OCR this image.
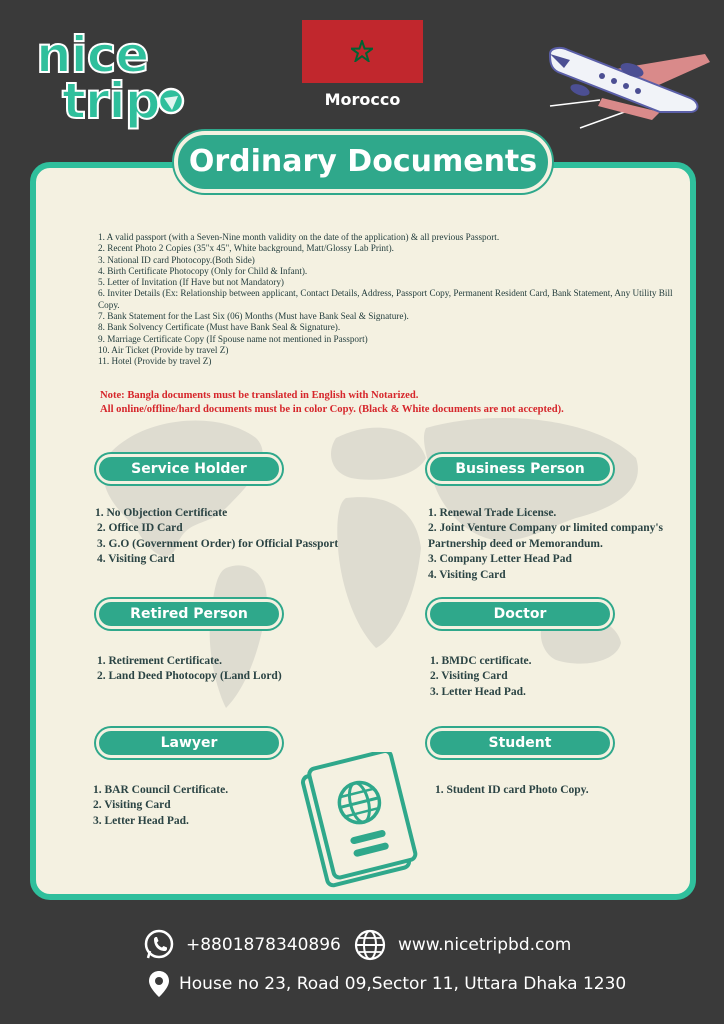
nice
trip	Morocco
Ordinary Documents
1. A valid passport (with a Seven-Nine month validity on the date of the application) & all previous Passport.
2. Recent Photo 2 Copies (35"x 45", White background, Matt/Glossy Lab Print).
3. National ID card Photocopy.(Both Side)
4. Birth Certificate Photocopy (Only for Child & Infant).
5. Letter of Invitation (If Have but not Mandatory)
6. Inviter Details (Ex: Relationship between applicant, Contact Details, Address, Passport Copy, Permanent Resident Card, Bank Statement, Any Utility Bill Copy.
7. Bank Statement for the Last Six (06) Months (Must have Bank Seal & Signature).
8. Bank Solvency Certificate (Must have Bank Seal & Signature).
9. Marriage Certificate Copy (If Spouse name not mentioned in Passport)
10. Air Ticket (Provide by travel Z)
11. Hotel (Provide by travel Z)
Note: Bangla documents must be translated in English with Notarized.
All online/offline/hard documents must be in color Copy. (Black & White documents are not accepted).
Service Holder
1. No Objection Certificate
2. Office ID Card
3. G.O (Government Order) for Official Passport
4. Visiting Card
Business Person
1. Renewal Trade License.
2. Joint Venture Company or limited company's Partnership deed or Memorandum.
3. Company Letter Head Pad
4. Visiting Card
Retired Person
1. Retirement Certificate.
2. Land Deed Photocopy (Land Lord)
Doctor
1. BMDC certificate.
2. Visiting Card
3. Letter Head Pad.
Lawyer
1. BAR Council Certificate.
2. Visiting Card
3. Letter Head Pad.
Student
1. Student ID card Photo Copy.
+8801878340896	www.nicetripbd.com
House no 23, Road 09,Sector 11, Uttara Dhaka 1230
